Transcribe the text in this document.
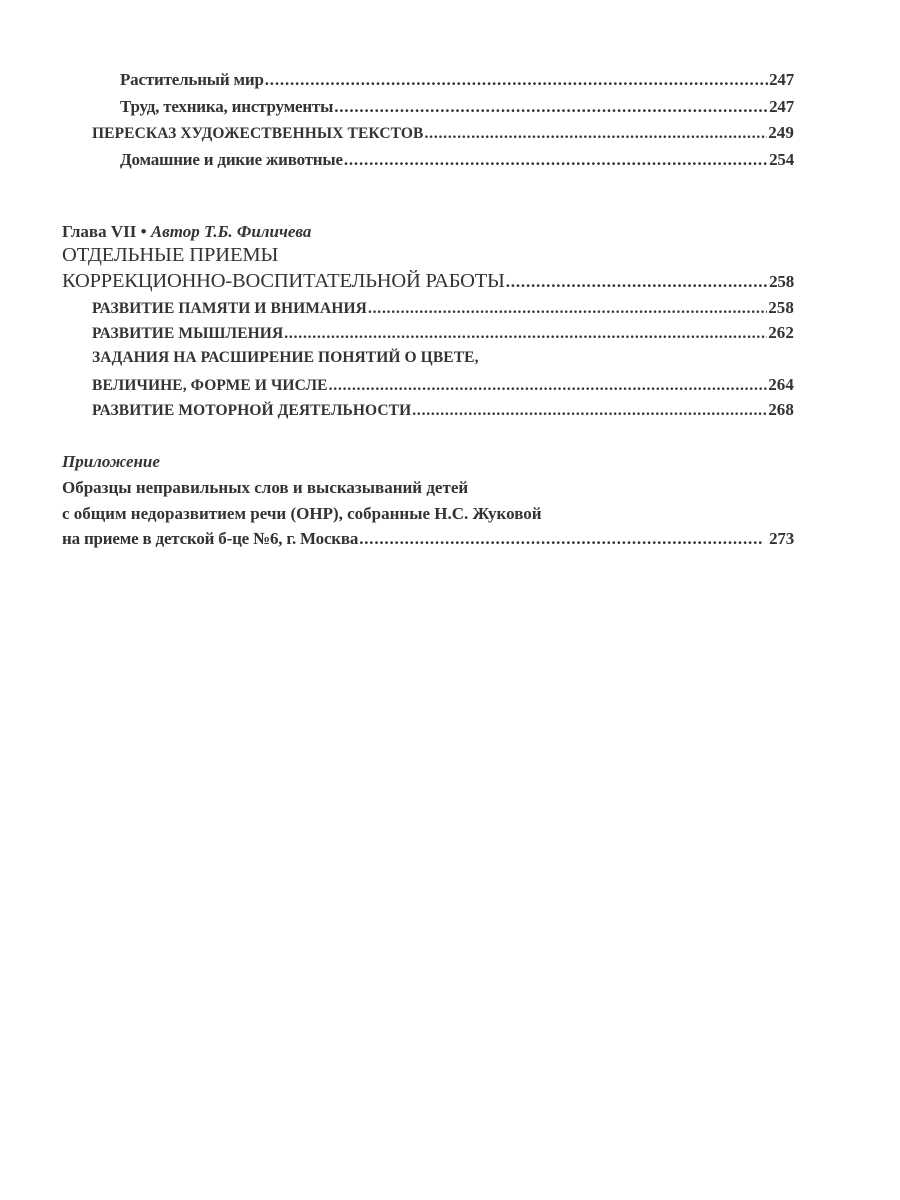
Растительный мир .....	247
Труд, техника, инструменты .....	247
ПЕРЕСКАЗ ХУДОЖЕСТВЕННЫХ ТЕКСТОВ .....	249
Домашние и дикие животные .....	254
Глава VII • Автор Т.Б. Филичева
ОТДЕЛЬНЫЕ ПРИЕМЫ
КОРРЕКЦИОННО-ВОСПИТАТЕЛЬНОЙ РАБОТЫ .....	258
РАЗВИТИЕ ПАМЯТИ И ВНИМАНИЯ .....	258
РАЗВИТИЕ МЫШЛЕНИЯ .....	262
ЗАДАНИЯ НА РАСШИРЕНИЕ ПОНЯТИЙ О ЦВЕТЕ,
ВЕЛИЧИНЕ, ФОРМЕ И ЧИСЛЕ .....	264
РАЗВИТИЕ МОТОРНОЙ ДЕЯТЕЛЬНОСТИ .....	268
Приложение
Образцы неправильных слов и высказываний детей
с общим недоразвитием речи (ОНР), собранные Н.С. Жуковой
на приеме в детской б-це №6, г. Москва .....	273
